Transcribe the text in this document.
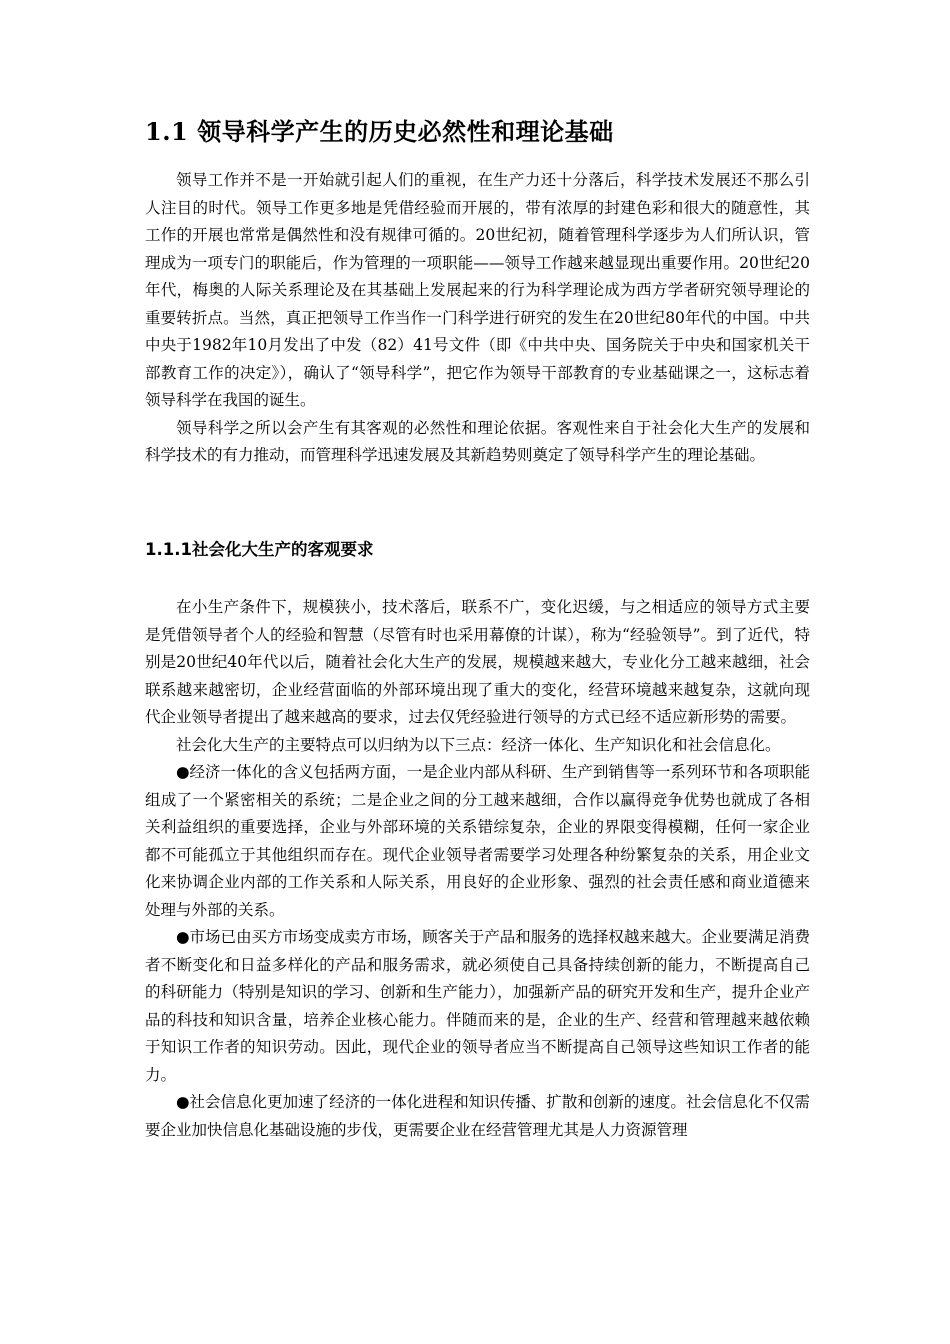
1.1 领导科学产生的历史必然性和理论基础

领导工作并不是一开始就引起人们的重视，在生产力还十分落后，科学技术发展还不那么引人注目的时代。领导工作更多地是凭借经验而开展的，带有浓厚的封建色彩和很大的随意性，其工作的开展也常常是偶然性和没有规律可循的。20世纪初，随着管理科学逐步为人们所认识，管理成为一项专门的职能后，作为管理的一项职能——领导工作越来越显现出重要作用。20世纪20年代，梅奥的人际关系理论及在其基础上发展起来的行为科学理论成为西方学者研究领导理论的重要转折点。当然，真正把领导工作当作一门科学进行研究的发生在20世纪80年代的中国。中共中央于1982年10月发出了中发（82）41号文件（即《中共中央、国务院关于中央和国家机关干部教育工作的决定》），确认了“领导科学”，把它作为领导干部教育的专业基础课之一，这标志着领导科学在我国的诞生。

领导科学之所以会产生有其客观的必然性和理论依据。客观性来自于社会化大生产的发展和科学技术的有力推动，而管理科学迅速发展及其新趋势则奠定了领导科学产生的理论基础。

1.1.1社会化大生产的客观要求

在小生产条件下，规模狭小，技术落后，联系不广，变化迟缓，与之相适应的领导方式主要是凭借领导者个人的经验和智慧（尽管有时也采用幕僚的计谋），称为“经验领导”。到了近代，特别是20世纪40年代以后，随着社会化大生产的发展，规模越来越大，专业化分工越来越细，社会联系越来越密切，企业经营面临的外部环境出现了重大的变化，经营环境越来越复杂，这就向现代企业领导者提出了越来越高的要求，过去仅凭经验进行领导的方式已经不适应新形势的需要。

社会化大生产的主要特点可以归纳为以下三点：经济一体化、生产知识化和社会信息化。

●经济一体化的含义包括两方面，一是企业内部从科研、生产到销售等一系列环节和各项职能组成了一个紧密相关的系统；二是企业之间的分工越来越细，合作以赢得竞争优势也就成了各相关利益组织的重要选择，企业与外部环境的关系错综复杂，企业的界限变得模糊，任何一家企业都不可能孤立于其他组织而存在。现代企业领导者需要学习处理各种纷繁复杂的关系，用企业文化来协调企业内部的工作关系和人际关系，用良好的企业形象、强烈的社会责任感和商业道德来处理与外部的关系。

●市场已由买方市场变成卖方市场，顾客关于产品和服务的选择权越来越大。企业要满足消费者不断变化和日益多样化的产品和服务需求，就必须使自己具备持续创新的能力，不断提高自己的科研能力（特别是知识的学习、创新和生产能力），加强新产品的研究开发和生产，提升企业产品的科技和知识含量，培养企业核心能力。伴随而来的是，企业的生产、经营和管理越来越依赖于知识工作者的知识劳动。因此，现代企业的领导者应当不断提高自己领导这些知识工作者的能力。

●社会信息化更加速了经济的一体化进程和知识传播、扩散和创新的速度。社会信息化不仅需要企业加快信息化基础设施的步伐，更需要企业在经营管理尤其是人力资源管理
